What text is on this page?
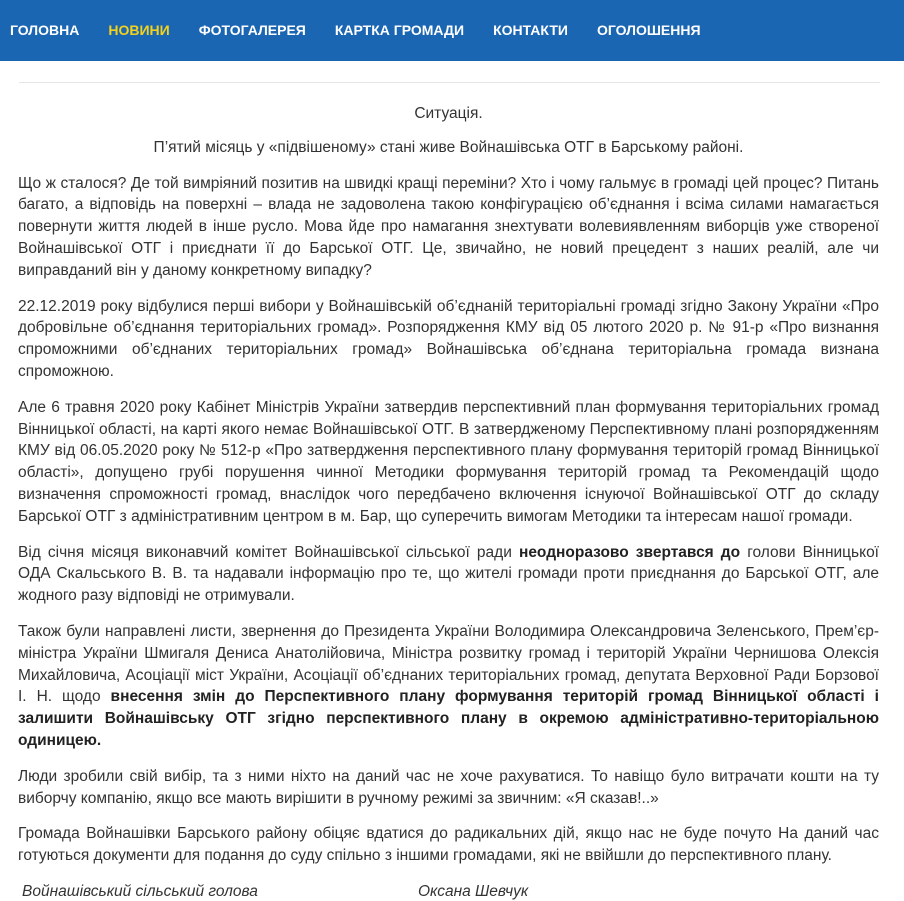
ГОЛОВНА НОВИНИ ФОТОГАЛЕРЕЯ КАРТКА ГРОМАДИ КОНТАКТИ ОГОЛОШЕННЯ

Ситуація.

П’ятий місяць у «підвішеному» стані живе Войнашівська ОТГ в Барському районі.

Що ж сталося? Де той вимріяний позитив на швидкі кращі переміни? Хто і чому гальмує в громаді цей процес? Питань багато, а відповідь на поверхні – влада не задоволена такою конфігурацією об’єднання і всіма силами намагається повернути життя людей в інше русло. Мова йде про намагання знехтувати волевиявленням виборців уже створеної Войнашівської ОТГ і приєднати її до Барської ОТГ. Це, звичайно, не новий прецедент з наших реалій, але чи виправданий він у даному конкретному випадку?

22.12.2019 року відбулися перші вибори у Войнашівській об’єднаній територіальні громаді згідно Закону України «Про добровільне об’єднання територіальних громад». Розпорядження КМУ від 05 лютого 2020 р. № 91-р «Про визнання спроможними об’єднаних територіальних громад» Войнашівська об’єднана територіальна громада визнана спроможною.

Але 6 травня 2020 року Кабінет Міністрів України затвердив перспективний план формування територіальних громад Вінницької області, на карті якого немає Войнашівської ОТГ. В затвердженому Перспективному плані розпорядженням КМУ від 06.05.2020 року № 512-р «Про затвердження перспективного плану формування територій громад Вінницької області», допущено грубі порушення чинної Методики формування територій громад та Рекомендацій щодо визначення спроможності громад, внаслідок чого передбачено включення існуючої Войнашівської ОТГ до складу Барської ОТГ з адміністративним центром в м. Бар, що суперечить вимогам Методики та інтересам нашої громади.

Від січня місяця виконавчий комітет Войнашівської сільської ради неодноразово звертався до голови Вінницької ОДА Скальського В. В. та надавали інформацію про те, що жителі громади проти приєднання до Барської ОТГ, але жодного разу відповіді не отримували.

Також були направлені листи, звернення до Президента України Володимира Олександровича Зеленського, Прем’єр-міністра України Шмигаля Дениса Анатолійовича, Міністра розвитку громад і територій України Чернишова Олексія Михайловича, Асоціації міст України, Асоціації об’єднаних територіальних громад, депутата Верховної Ради Борзової І. Н. щодо внесення змін до Перспективного плану формування територій громад Вінницької області і залишити Войнашівську ОТГ згідно перспективного плану в окремою адміністративно-територіальною одиницею.

Люди зробили свій вибір, та з ними ніхто на даний час не хоче рахуватися. То навіщо було витрачати кошти на ту виборчу компанію, якщо все мають вирішити в ручному режимі за звичним: «Я сказав!..»

Громада Войнашівки Барського району обіцяє вдатися до радикальних дій, якщо нас не буде почуто На даний час готуються документи для подання до суду спільно з іншими громадами, які не ввійшли до перспективного плану.

Войнашівський сільський голова	Оксана Шевчук
